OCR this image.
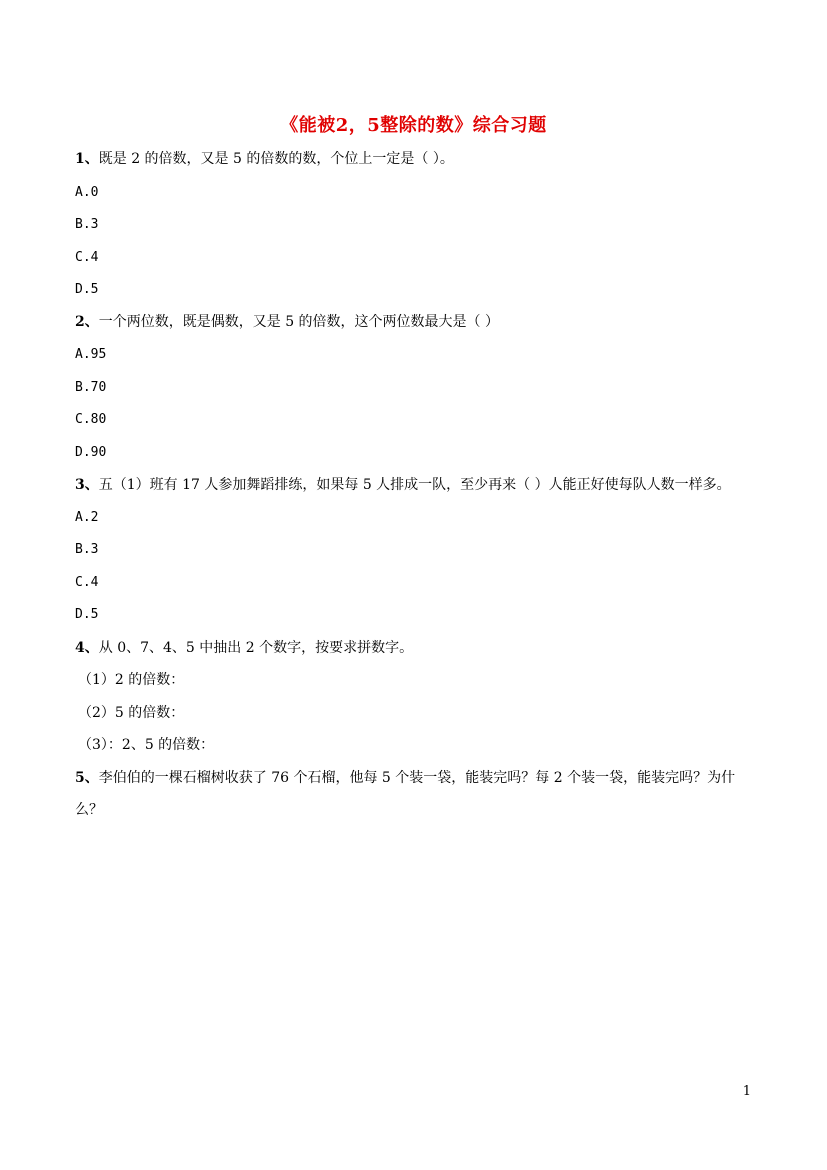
《能被2，5整除的数》综合习题
1、既是 2 的倍数，又是 5 的倍数的数，个位上一定是（ ）。
A.0
B.3
C.4
D.5
2、一个两位数，既是偶数，又是 5 的倍数，这个两位数最大是（ ）
A.95
B.70
C.80
D.90
3、五（1）班有 17 人参加舞蹈排练，如果每 5 人排成一队，至少再来（ ）人能正好使每队人数一样多。
A.2
B.3
C.4
D.5
4、从 0、7、4、5 中抽出 2 个数字，按要求拼数字。
（1）2 的倍数：
（2）5 的倍数：
（3）：2、5 的倍数：
5、李伯伯的一棵石榴树收获了 76 个石榴，他每 5 个装一袋，能装完吗？每 2 个装一袋，能装完吗？为什
么？
1
